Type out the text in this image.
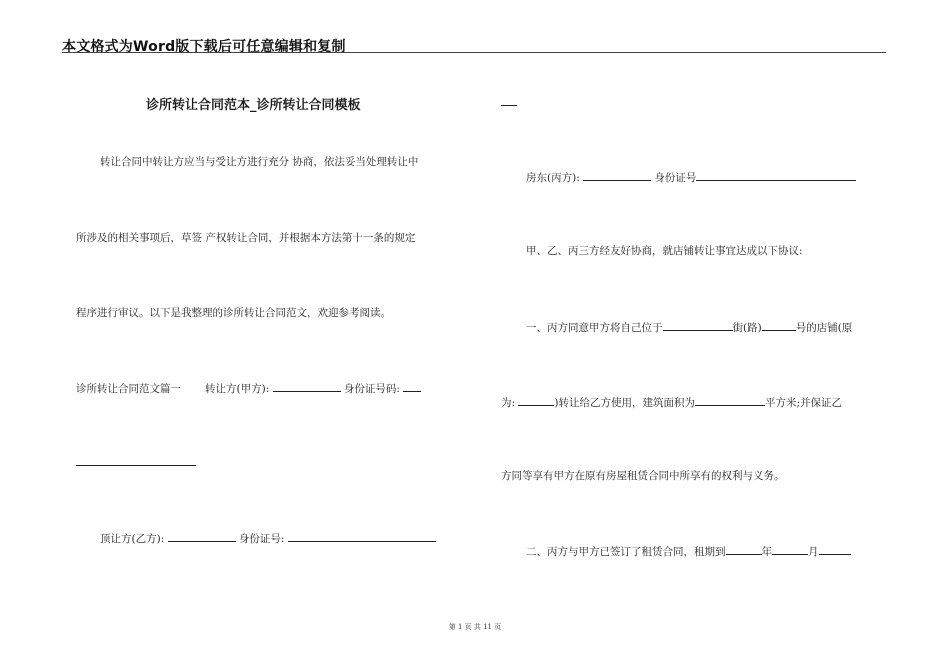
本文格式为Word版下载后可任意编辑和复制
诊所转让合同范本_诊所转让合同模板
转让合同中转让方应当与受让方进行充分 协商，依法妥当处理转让中
所涉及的相关事项后，草签 产权转让合同，并根据本方法第十一条的规定
程序进行审议。以下是我整理的诊所转让合同范文，欢迎参考阅读。
诊所转让合同范文篇一 转让方(甲方):	身份证号码:
顶让方(乙方):	身份证号:
房东(丙方):	身份证号
甲、乙、丙三方经友好协商，就店铺转让事宜达成以下协议:
一、丙方同意甲方将自己位于	街(路)	号的店铺(原
为:	)转让给乙方使用，建筑面积为	平方米;并保证乙
方同等享有甲方在原有房屋租赁合同中所享有的权利与义务。
二、丙方与甲方已签订了租赁合同，租期到	年	月
第 1 页 共 11 页
